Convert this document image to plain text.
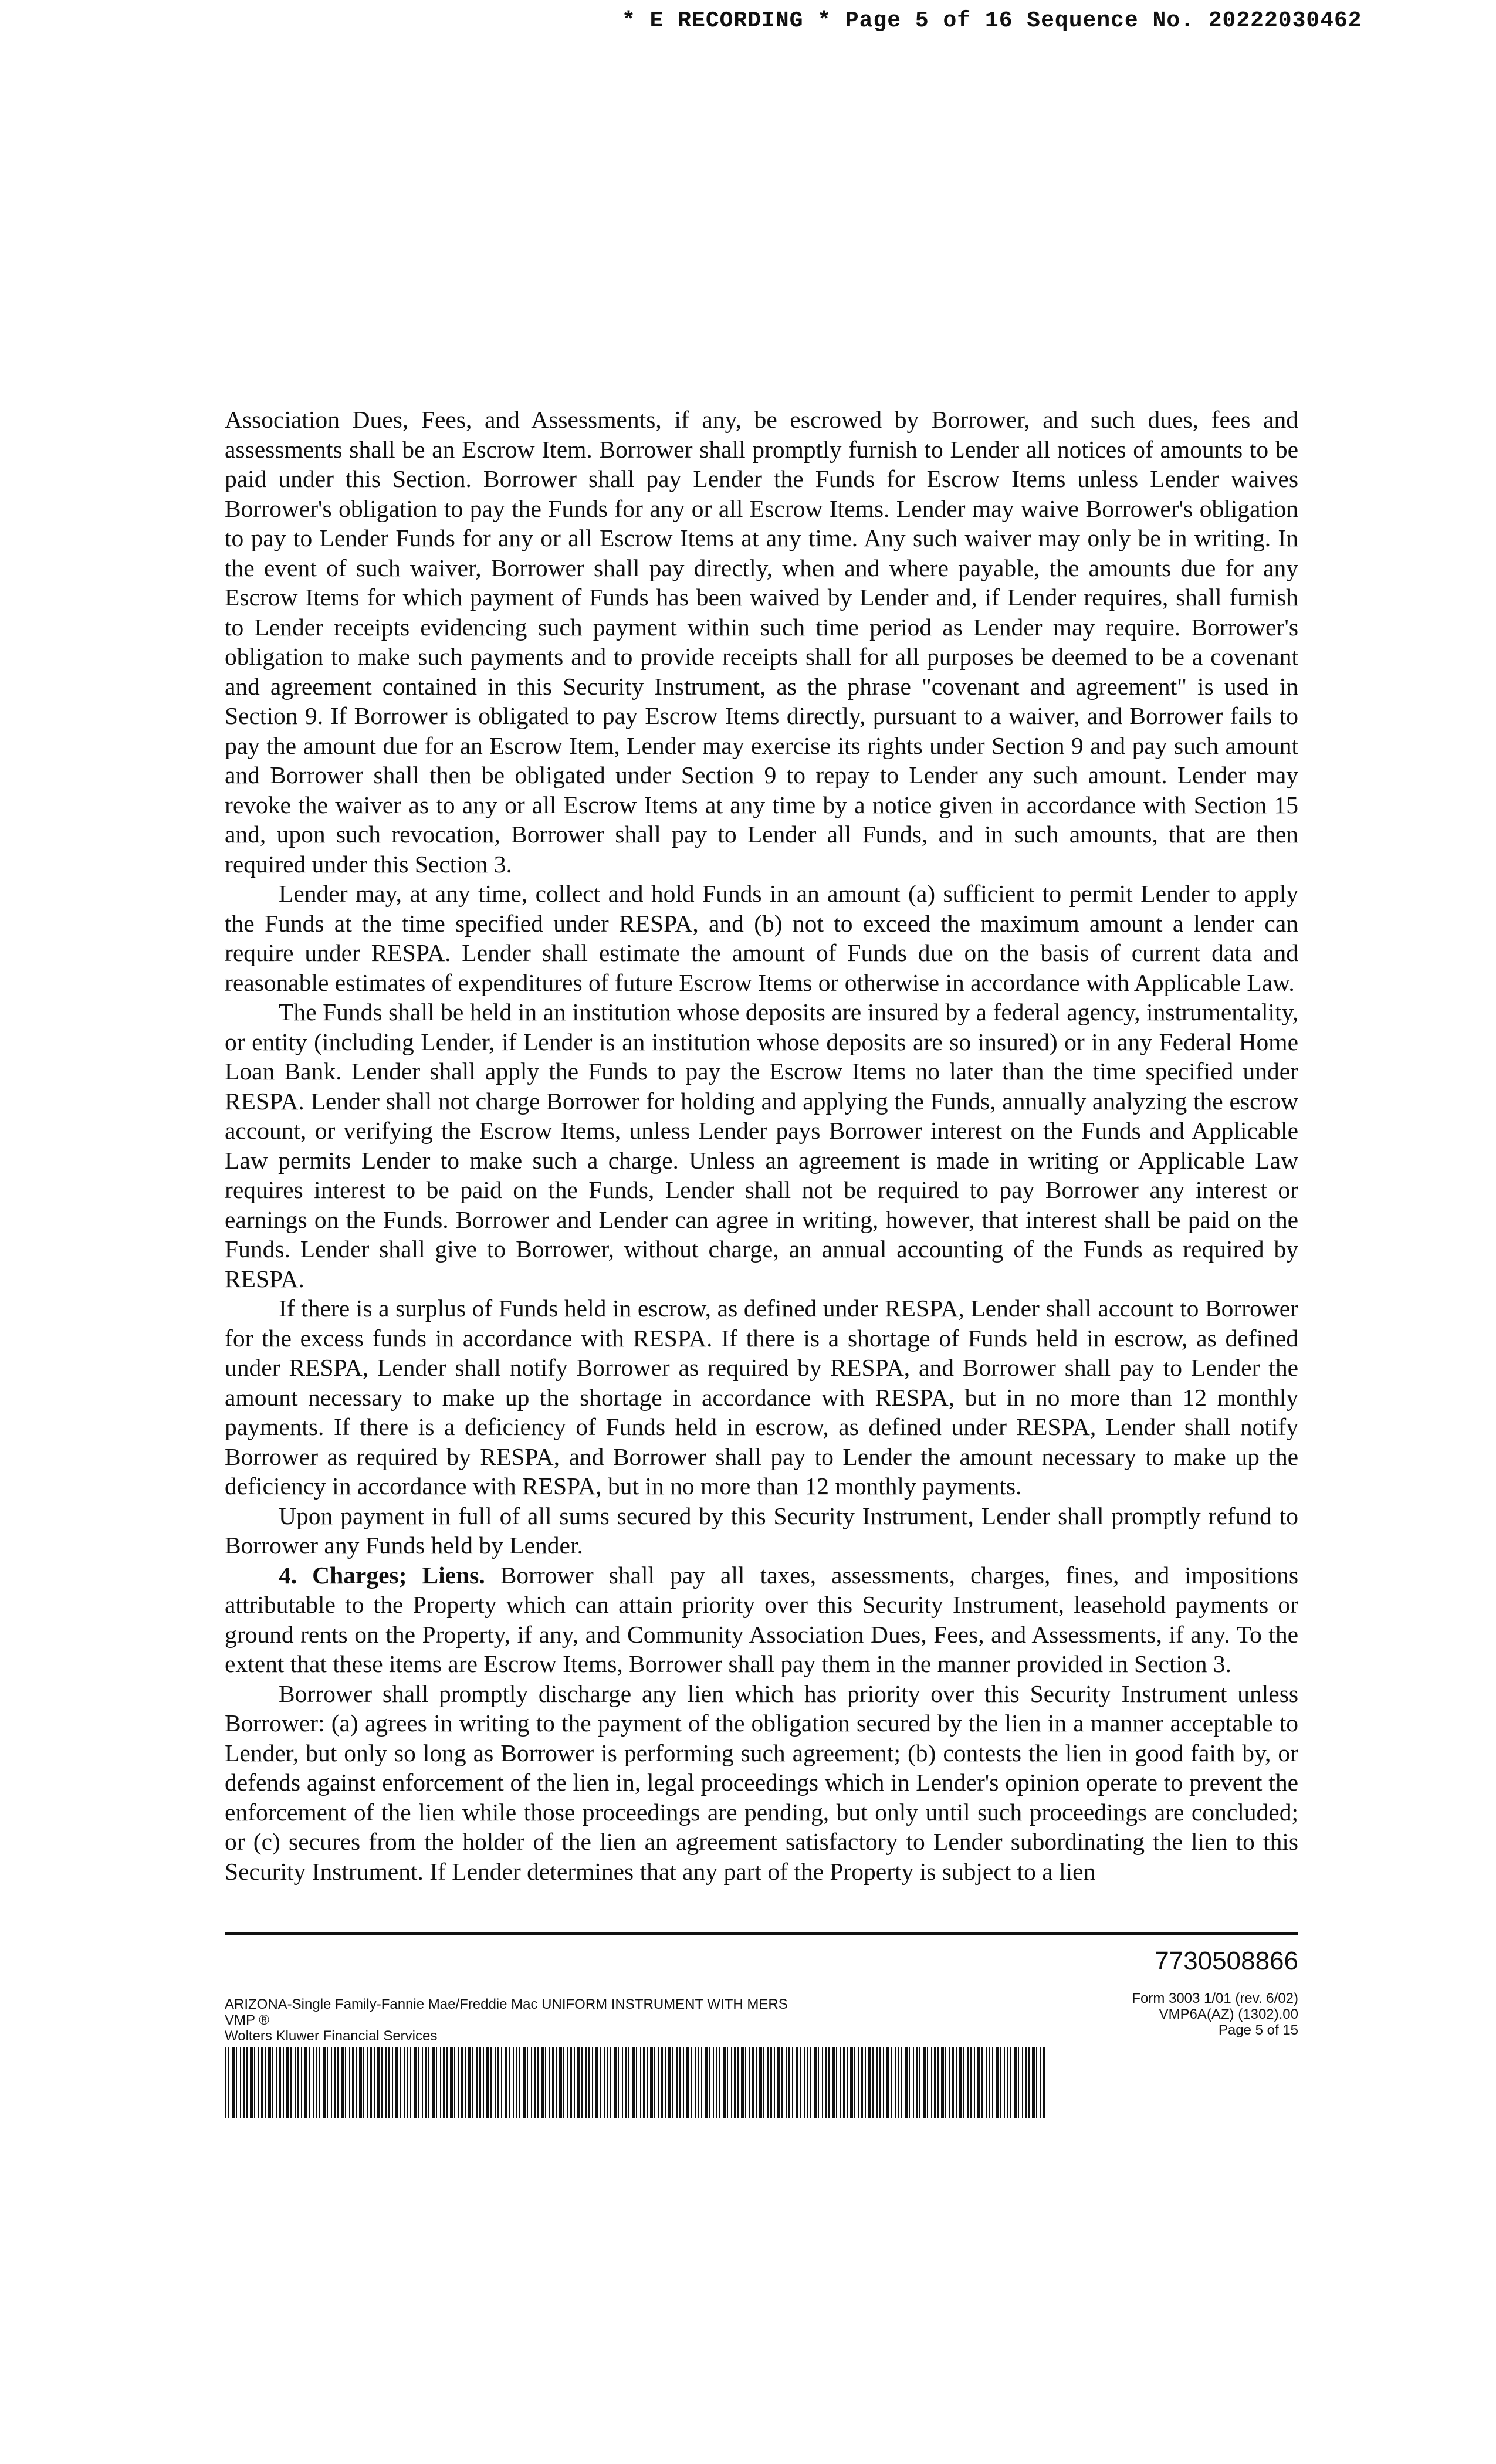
* E RECORDING * Page 5 of 16 Sequence No. 20222030462

Association Dues, Fees, and Assessments, if any, be escrowed by Borrower, and such dues, fees and assessments shall be an Escrow Item. Borrower shall promptly furnish to Lender all notices of amounts to be paid under this Section. Borrower shall pay Lender the Funds for Escrow Items unless Lender waives Borrower's obligation to pay the Funds for any or all Escrow Items. Lender may waive Borrower's obligation to pay to Lender Funds for any or all Escrow Items at any time. Any such waiver may only be in writing. In the event of such waiver, Borrower shall pay directly, when and where payable, the amounts due for any Escrow Items for which payment of Funds has been waived by Lender and, if Lender requires, shall furnish to Lender receipts evidencing such payment within such time period as Lender may require. Borrower's obligation to make such payments and to provide receipts shall for all purposes be deemed to be a covenant and agreement contained in this Security Instrument, as the phrase "covenant and agreement" is used in Section 9. If Borrower is obligated to pay Escrow Items directly, pursuant to a waiver, and Borrower fails to pay the amount due for an Escrow Item, Lender may exercise its rights under Section 9 and pay such amount and Borrower shall then be obligated under Section 9 to repay to Lender any such amount. Lender may revoke the waiver as to any or all Escrow Items at any time by a notice given in accordance with Section 15 and, upon such revocation, Borrower shall pay to Lender all Funds, and in such amounts, that are then required under this Section 3.

Lender may, at any time, collect and hold Funds in an amount (a) sufficient to permit Lender to apply the Funds at the time specified under RESPA, and (b) not to exceed the maximum amount a lender can require under RESPA. Lender shall estimate the amount of Funds due on the basis of current data and reasonable estimates of expenditures of future Escrow Items or otherwise in accordance with Applicable Law.

The Funds shall be held in an institution whose deposits are insured by a federal agency, instrumentality, or entity (including Lender, if Lender is an institution whose deposits are so insured) or in any Federal Home Loan Bank. Lender shall apply the Funds to pay the Escrow Items no later than the time specified under RESPA. Lender shall not charge Borrower for holding and applying the Funds, annually analyzing the escrow account, or verifying the Escrow Items, unless Lender pays Borrower interest on the Funds and Applicable Law permits Lender to make such a charge. Unless an agreement is made in writing or Applicable Law requires interest to be paid on the Funds, Lender shall not be required to pay Borrower any interest or earnings on the Funds. Borrower and Lender can agree in writing, however, that interest shall be paid on the Funds. Lender shall give to Borrower, without charge, an annual accounting of the Funds as required by RESPA.

If there is a surplus of Funds held in escrow, as defined under RESPA, Lender shall account to Borrower for the excess funds in accordance with RESPA. If there is a shortage of Funds held in escrow, as defined under RESPA, Lender shall notify Borrower as required by RESPA, and Borrower shall pay to Lender the amount necessary to make up the shortage in accordance with RESPA, but in no more than 12 monthly payments. If there is a deficiency of Funds held in escrow, as defined under RESPA, Lender shall notify Borrower as required by RESPA, and Borrower shall pay to Lender the amount necessary to make up the deficiency in accordance with RESPA, but in no more than 12 monthly payments.

Upon payment in full of all sums secured by this Security Instrument, Lender shall promptly refund to Borrower any Funds held by Lender.

4. Charges; Liens. Borrower shall pay all taxes, assessments, charges, fines, and impositions attributable to the Property which can attain priority over this Security Instrument, leasehold payments or ground rents on the Property, if any, and Community Association Dues, Fees, and Assessments, if any. To the extent that these items are Escrow Items, Borrower shall pay them in the manner provided in Section 3.

Borrower shall promptly discharge any lien which has priority over this Security Instrument unless Borrower: (a) agrees in writing to the payment of the obligation secured by the lien in a manner acceptable to Lender, but only so long as Borrower is performing such agreement; (b) contests the lien in good faith by, or defends against enforcement of the lien in, legal proceedings which in Lender's opinion operate to prevent the enforcement of the lien while those proceedings are pending, but only until such proceedings are concluded; or (c) secures from the holder of the lien an agreement satisfactory to Lender subordinating the lien to this Security Instrument. If Lender determines that any part of the Property is subject to a lien

7730508866
ARIZONA-Single Family-Fannie Mae/Freddie Mac UNIFORM INSTRUMENT WITH MERS
VMP ®
Wolters Kluwer Financial Services
Form 3003 1/01 (rev. 6/02)
VMP6A(AZ) (1302).00
Page 5 of 15
